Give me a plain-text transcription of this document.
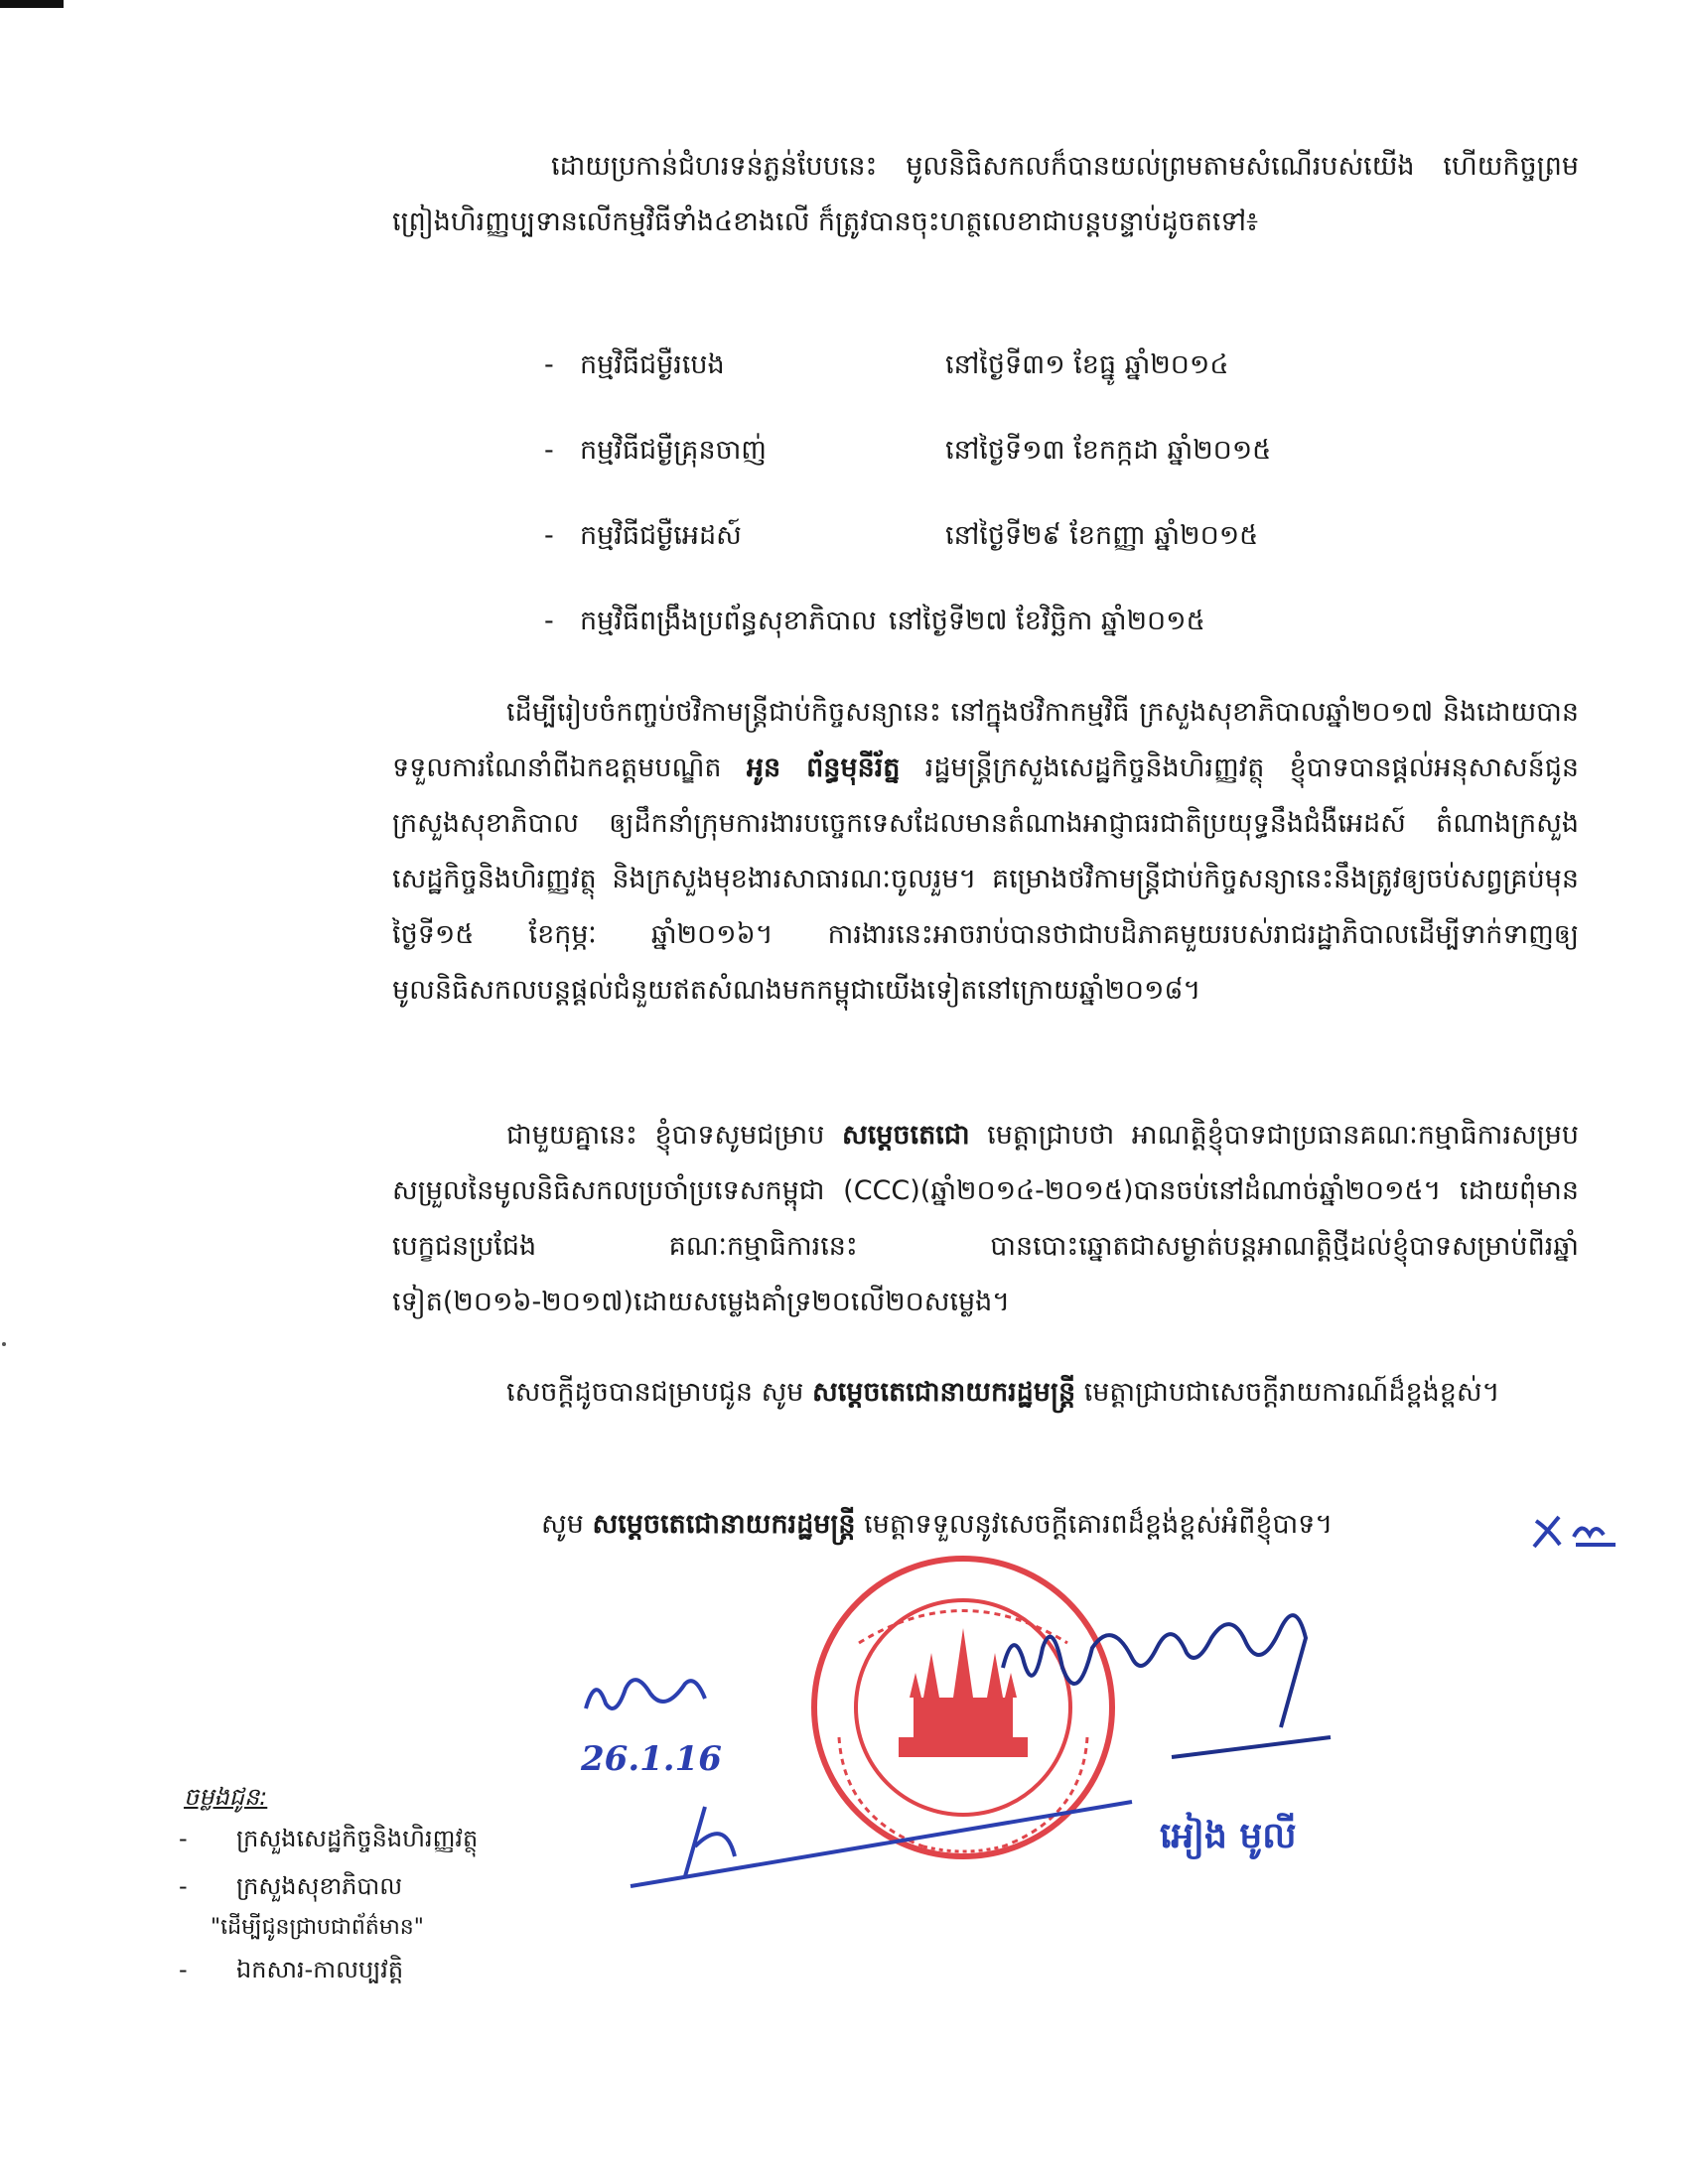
ដោយប្រកាន់ជំហរទន់ភ្លន់បែបនេះ មូលនិធិសកលក៏បានយល់ព្រមតាមសំណើរបស់យើង ហើយកិច្ចព្រមព្រៀងហិរញ្ញប្បទានលើកម្មវិធីទាំង៤ខាងលើ ក៏ត្រូវបានចុះហត្ថលេខាជាបន្តបន្ទាប់ដូចតទៅ៖

- កម្មវិធីជម្ងឺរបេង	នៅថ្ងៃទី៣១ ខែធ្នូ ឆ្នាំ២០១៤
- កម្មវិធីជម្ងឺគ្រុនចាញ់	នៅថ្ងៃទី១៣ ខែកក្កដា ឆ្នាំ២០១៥
- កម្មវិធីជម្ងឺអេដស៍	នៅថ្ងៃទី២៩ ខែកញ្ញា ឆ្នាំ២០១៥
- កម្មវិធីពង្រឹងប្រព័ន្ធសុខាភិបាល នៅថ្ងៃទី២៧ ខែវិច្ឆិកា ឆ្នាំ២០១៥

ដើម្បីរៀបចំកញ្ចប់ថវិកាមន្ត្រីជាប់កិច្ចសន្យានេះ នៅក្នុងថវិកាកម្មវិធី ក្រសួងសុខាភិបាលឆ្នាំ២០១៧ និងដោយបានទទួលការណែនាំពីឯកឧត្តមបណ្ឌិត អូន ព័ន្ធមុនីរ័ត្ន រដ្ឋមន្ត្រីក្រសួងសេដ្ឋកិច្ចនិងហិរញ្ញវត្ថុ ខ្ញុំបាទបានផ្តល់អនុសាសន៍ជូនក្រសួងសុខាភិបាល ឲ្យដឹកនាំក្រុមការងារបច្ចេកទេសដែលមានតំណាងអាជ្ញាធរជាតិប្រយុទ្ធនឹងជំងឺអេដស៍ តំណាងក្រសួងសេដ្ឋកិច្ចនិងហិរញ្ញវត្ថុ និងក្រសួងមុខងារសាធារណៈចូលរួម។ គម្រោងថវិកាមន្ត្រីជាប់កិច្ចសន្យានេះនឹងត្រូវឲ្យចប់សព្វគ្រប់មុនថ្ងៃទី១៥ ខែកុម្ភៈ ឆ្នាំ២០១៦។ ការងារនេះអាចរាប់បានថាជាបដិភាគមួយរបស់រាជរដ្ឋាភិបាលដើម្បីទាក់ទាញឲ្យមូលនិធិសកលបន្តផ្តល់ជំនួយឥតសំណងមកកម្ពុជាយើងទៀតនៅក្រោយឆ្នាំ២០១៨។

ជាមួយគ្នានេះ ខ្ញុំបាទសូមជម្រាប សម្តេចតេជោ មេត្តាជ្រាបថា អាណត្តិខ្ញុំបាទជាប្រធានគណៈកម្មាធិការសម្របសម្រួលនៃមូលនិធិសកលប្រចាំប្រទេសកម្ពុជា (CCC)(ឆ្នាំ២០១៤-២០១៥)បានចប់នៅដំណាច់ឆ្នាំ២០១៥។ ដោយពុំមានបេក្ខជនប្រជែង គណៈកម្មាធិការនេះ បានបោះឆ្នោតជាសម្ងាត់បន្តអាណត្តិថ្មីដល់ខ្ញុំបាទសម្រាប់ពីរឆ្នាំទៀត(២០១៦-២០១៧)ដោយសម្លេងគាំទ្រ២០លើ២០សម្លេង។

សេចក្តីដូចបានជម្រាបជូន សូម សម្តេចតេជោនាយករដ្ឋមន្ត្រី មេត្តាជ្រាបជាសេចក្តីរាយការណ៍ដ៏ខ្ពង់ខ្ពស់។

សូម សម្តេចតេជោនាយករដ្ឋមន្ត្រី មេត្តាទទួលនូវសេចក្តីគោរពដ៏ខ្ពង់ខ្ពស់អំពីខ្ញុំបាទ។

26.1.16
អៀង មូលី
ចម្លងជូន:
- ក្រសួងសេដ្ឋកិច្ចនិងហិរញ្ញវត្ថុ
- ក្រសួងសុខាភិបាល
"ដើម្បីជូនជ្រាបជាព័ត៌មាន"
- ឯកសារ-កាលប្បវត្តិ
